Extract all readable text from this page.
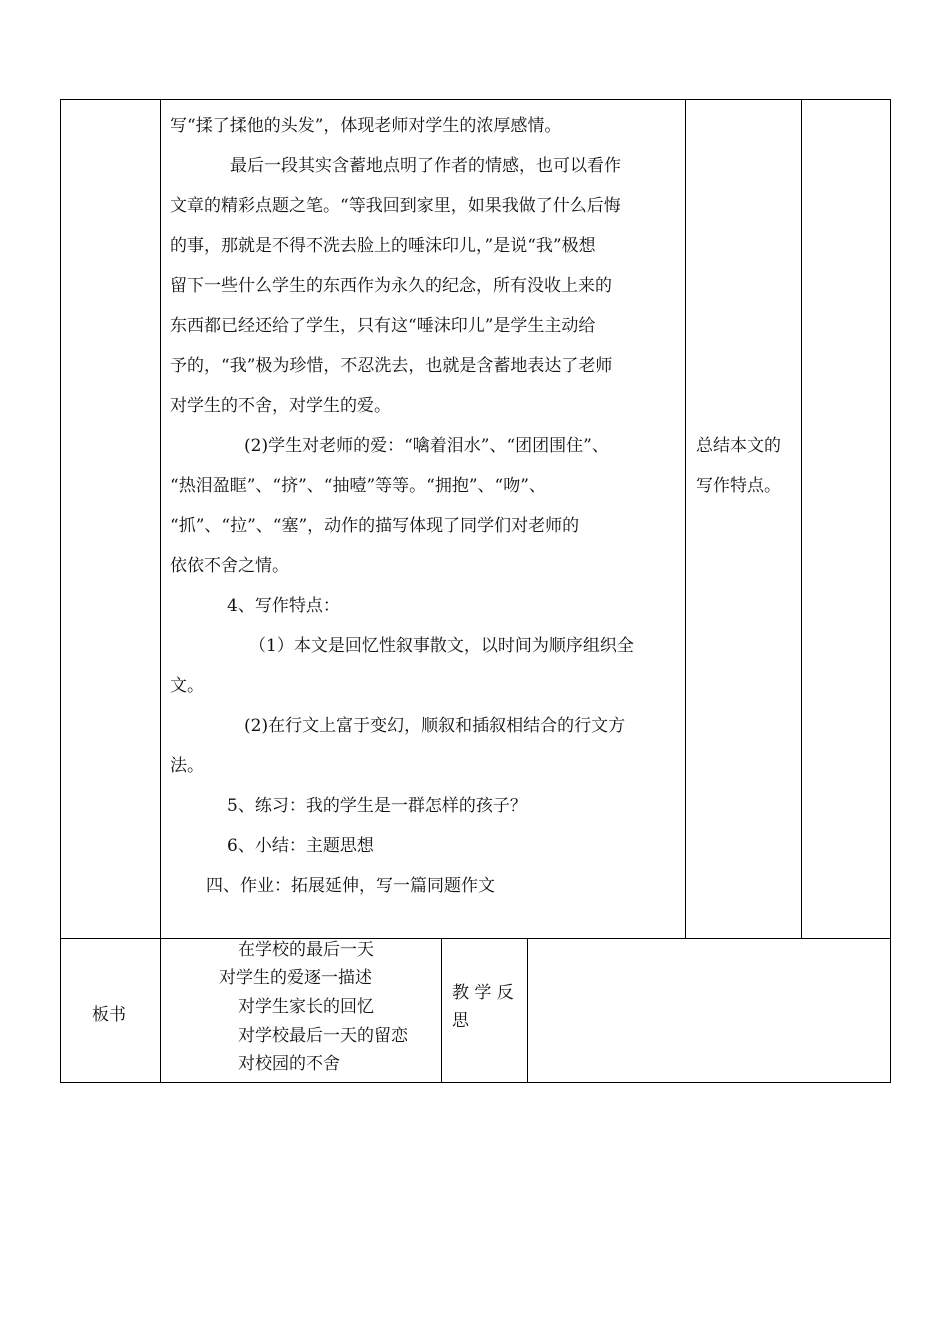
写“揉了揉他的头发”，体现老师对学生的浓厚感情。
最后一段其实含蓄地点明了作者的情感，也可以看作
文章的精彩点题之笔。“等我回到家里，如果我做了什么后悔
的事，那就是不得不洗去脸上的唾沫印儿，”是说“我”极想
留下一些什么学生的东西作为永久的纪念，所有没收上来的
东西都已经还给了学生，只有这“唾沫印儿”是学生主动给
予的，“我”极为珍惜，不忍洗去，也就是含蓄地表达了老师
对学生的不舍，对学生的爱。
(2)学生对老师的爱：“噙着泪水”、“团团围住”、
“热泪盈眶”、“挤”、“抽噎”等等。“拥抱”、“吻”、
“抓”、“拉”、“塞”，动作的描写体现了同学们对老师的
依依不舍之情。
4、写作特点：
（1）本文是回忆性叙事散文，以时间为顺序组织全
文。
(2)在行文上富于变幻，顺叙和插叙相结合的行文方
法。
5、练习：我的学生是一群怎样的孩子？
6、小结：主题思想
四、作业：拓展延伸，写一篇同题作文
总结本文的
写作特点。
板书
在学校的最后一天
对学生的爱逐一描述
对学生家长的回忆
对学校最后一天的留恋
对校园的不舍
教 学 反
思
